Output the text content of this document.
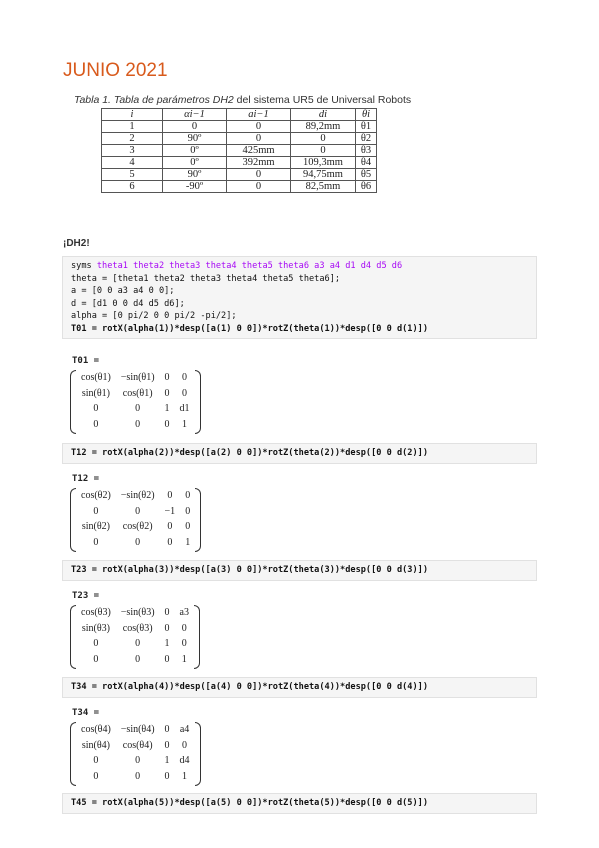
JUNIO 2021
Tabla 1. Tabla de parámetros DH2 del sistema UR5 de Universal Robots
i	αi−1	ai−1	di	θi
1	0	0	89,2mm	θ1
2	90º	0	0	θ2
3	0º	425mm	0	θ3
4	0º	392mm	109,3mm	θ4
5	90º	0	94,75mm	θ5
6	-90º	0	82,5mm	θ6
¡DH2!
syms theta1 theta2 theta3 theta4 theta5 theta6 a3 a4 d1 d4 d5 d6
theta = [theta1 theta2 theta3 theta4 theta5 theta6];
a = [0 0 a3 a4 0 0];
d = [d1 0 0 d4 d5 d6];
alpha = [0 pi/2 0 0 pi/2 -pi/2];
T01 = rotX(alpha(1))*desp([a(1) 0 0])*rotZ(theta(1))*desp([0 0 d(1)])
T01 =
cos(θ1)	−sin(θ1)	0	0
sin(θ1)	cos(θ1)	0	0
0	0	1	d1
0	0	0	1
T12 = rotX(alpha(2))*desp([a(2) 0 0])*rotZ(theta(2))*desp([0 0 d(2)])
T12 =
cos(θ2)	−sin(θ2)	0	0
0	0	−1	0
sin(θ2)	cos(θ2)	0	0
0	0	0	1
T23 = rotX(alpha(3))*desp([a(3) 0 0])*rotZ(theta(3))*desp([0 0 d(3)])
T23 =
cos(θ3)	−sin(θ3)	0	a3
sin(θ3)	cos(θ3)	0	0
0	0	1	0
0	0	0	1
T34 = rotX(alpha(4))*desp([a(4) 0 0])*rotZ(theta(4))*desp([0 0 d(4)])
T34 =
cos(θ4)	−sin(θ4)	0	a4
sin(θ4)	cos(θ4)	0	0
0	0	1	d4
0	0	0	1
T45 = rotX(alpha(5))*desp([a(5) 0 0])*rotZ(theta(5))*desp([0 0 d(5)])
